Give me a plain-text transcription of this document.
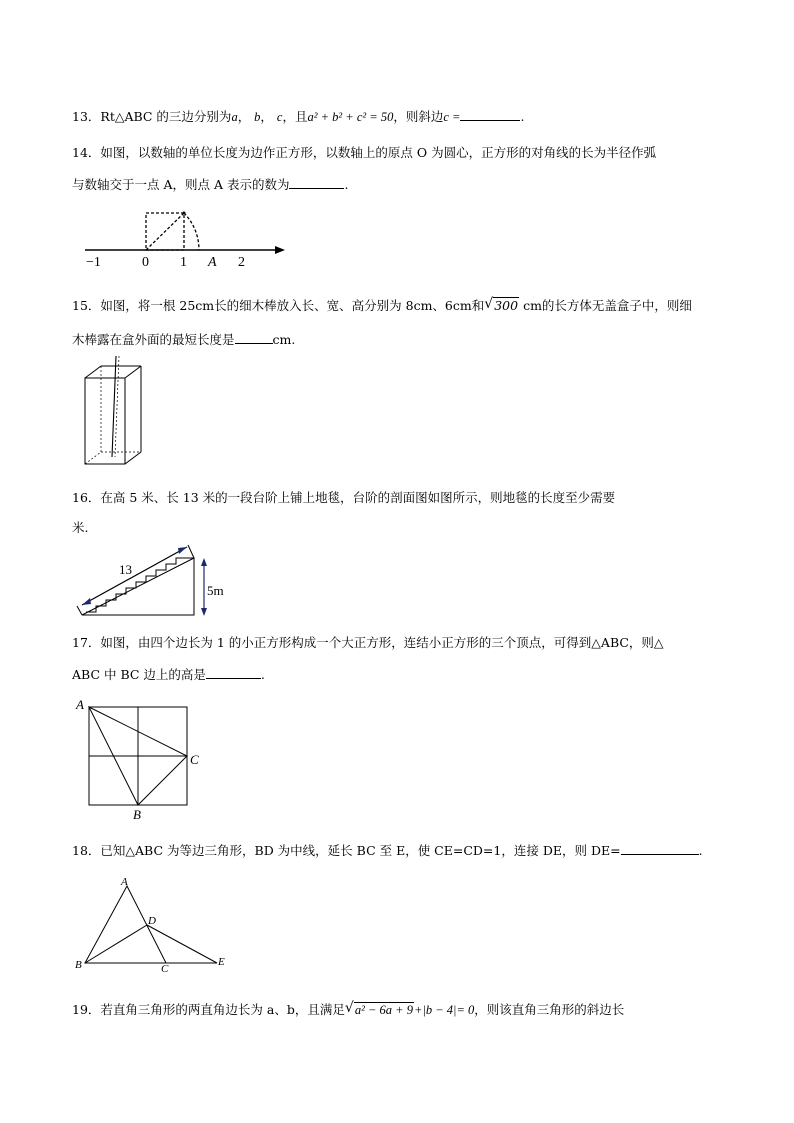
13．Rt△ABC 的三边分别为a， b， c，且a² + b² + c² = 50，则斜边c =	.
14．如图，以数轴的单位长度为边作正方形，以数轴上的原点 O 为圆心，正方形的对角线的长为半径作弧
与数轴交于一点 A，则点 A 表示的数为	.
−1	0 1 A 2
15．如图，将一根 25cm长的细木棒放入长、宽、高分别为 8cm、6cm和 √ 300 cm的长方体无盖盒子中，则细
木棒露在盒外面的最短长度是	cm.
16．在高 5 米、长 13 米的一段台阶上铺上地毯，台阶的剖面图如图所示，则地毯的长度至少需要
米.
13
5m
17．如图，由四个边长为 1 的小正方形构成一个大正方形，连结小正方形的三个顶点，可得到△ABC，则△
ABC 中 BC 边上的高是	.
A
C
B
18．已知△ABC 为等边三角形，BD 为中线，延长 BC 至 E，使 CE=CD=1，连接 DE，则 DE=	.
A
D
B	C
E
19．若直角三角形的两直角边长为 a、b，且满足 √ a² − 6a + 9+|b − 4|= 0，则该直角三角形的斜边长
